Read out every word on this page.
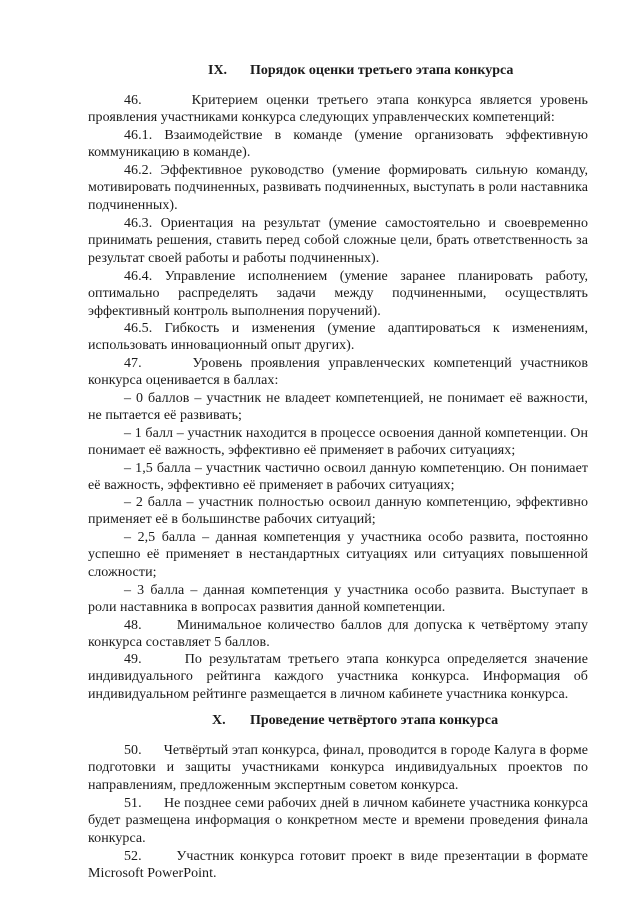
IX. Порядок оценки третьего этапа конкурса

46.      Критерием оценки третьего этапа конкурса является уровень проявления участниками конкурса следующих управленческих компетенций:

46.1. Взаимодействие в команде (умение организовать эффективную коммуникацию в команде).

46.2. Эффективное руководство (умение формировать сильную команду, мотивировать подчиненных, развивать подчиненных, выступать в роли наставника подчиненных).

46.3. Ориентация на результат (умение самостоятельно и своевременно принимать решения, ставить перед собой сложные цели, брать ответственность за результат своей работы и работы подчиненных).

46.4. Управление исполнением (умение заранее планировать работу, оптимально распределять задачи между подчиненными, осуществлять эффективный контроль выполнения поручений).

46.5. Гибкость и изменения (умение адаптироваться к изменениям, использовать инновационный опыт других).

47.      Уровень проявления управленческих компетенций участников конкурса оценивается в баллах:

– 0 баллов – участник не владеет компетенцией, не понимает её важности, не пытается её развивать;

– 1 балл – участник находится в процессе освоения данной компетенции. Он понимает её важность, эффективно её применяет в рабочих ситуациях;

– 1,5 балла – участник частично освоил данную компетенцию. Он понимает её важность, эффективно её применяет в рабочих ситуациях;

– 2 балла – участник полностью освоил данную компетенцию, эффективно применяет её в большинстве рабочих ситуаций;

– 2,5 балла – данная компетенция у участника особо развита, постоянно успешно её применяет в нестандартных ситуациях или ситуациях повышенной сложности;

– 3 балла – данная компетенция у участника особо развита. Выступает в роли наставника в вопросах развития данной компетенции.

48.      Минимальное количество баллов для допуска к четвёртому этапу конкурса составляет 5 баллов.

49.      По результатам третьего этапа конкурса определяется значение индивидуального рейтинга каждого участника конкурса. Информация об индивидуальном рейтинге размещается в личном кабинете участника конкурса.

X. Проведение четвёртого этапа конкурса

50.      Четвёртый этап конкурса, финал, проводится в городе Калуга в форме подготовки и защиты участниками конкурса индивидуальных проектов по направлениям, предложенным экспертным советом конкурса.

51.      Не позднее семи рабочих дней в личном кабинете участника конкурса будет размещена информация о конкретном месте и времени проведения финала конкурса.

52.      Участник конкурса готовит проект в виде презентации в формате Microsoft PowerPoint.
